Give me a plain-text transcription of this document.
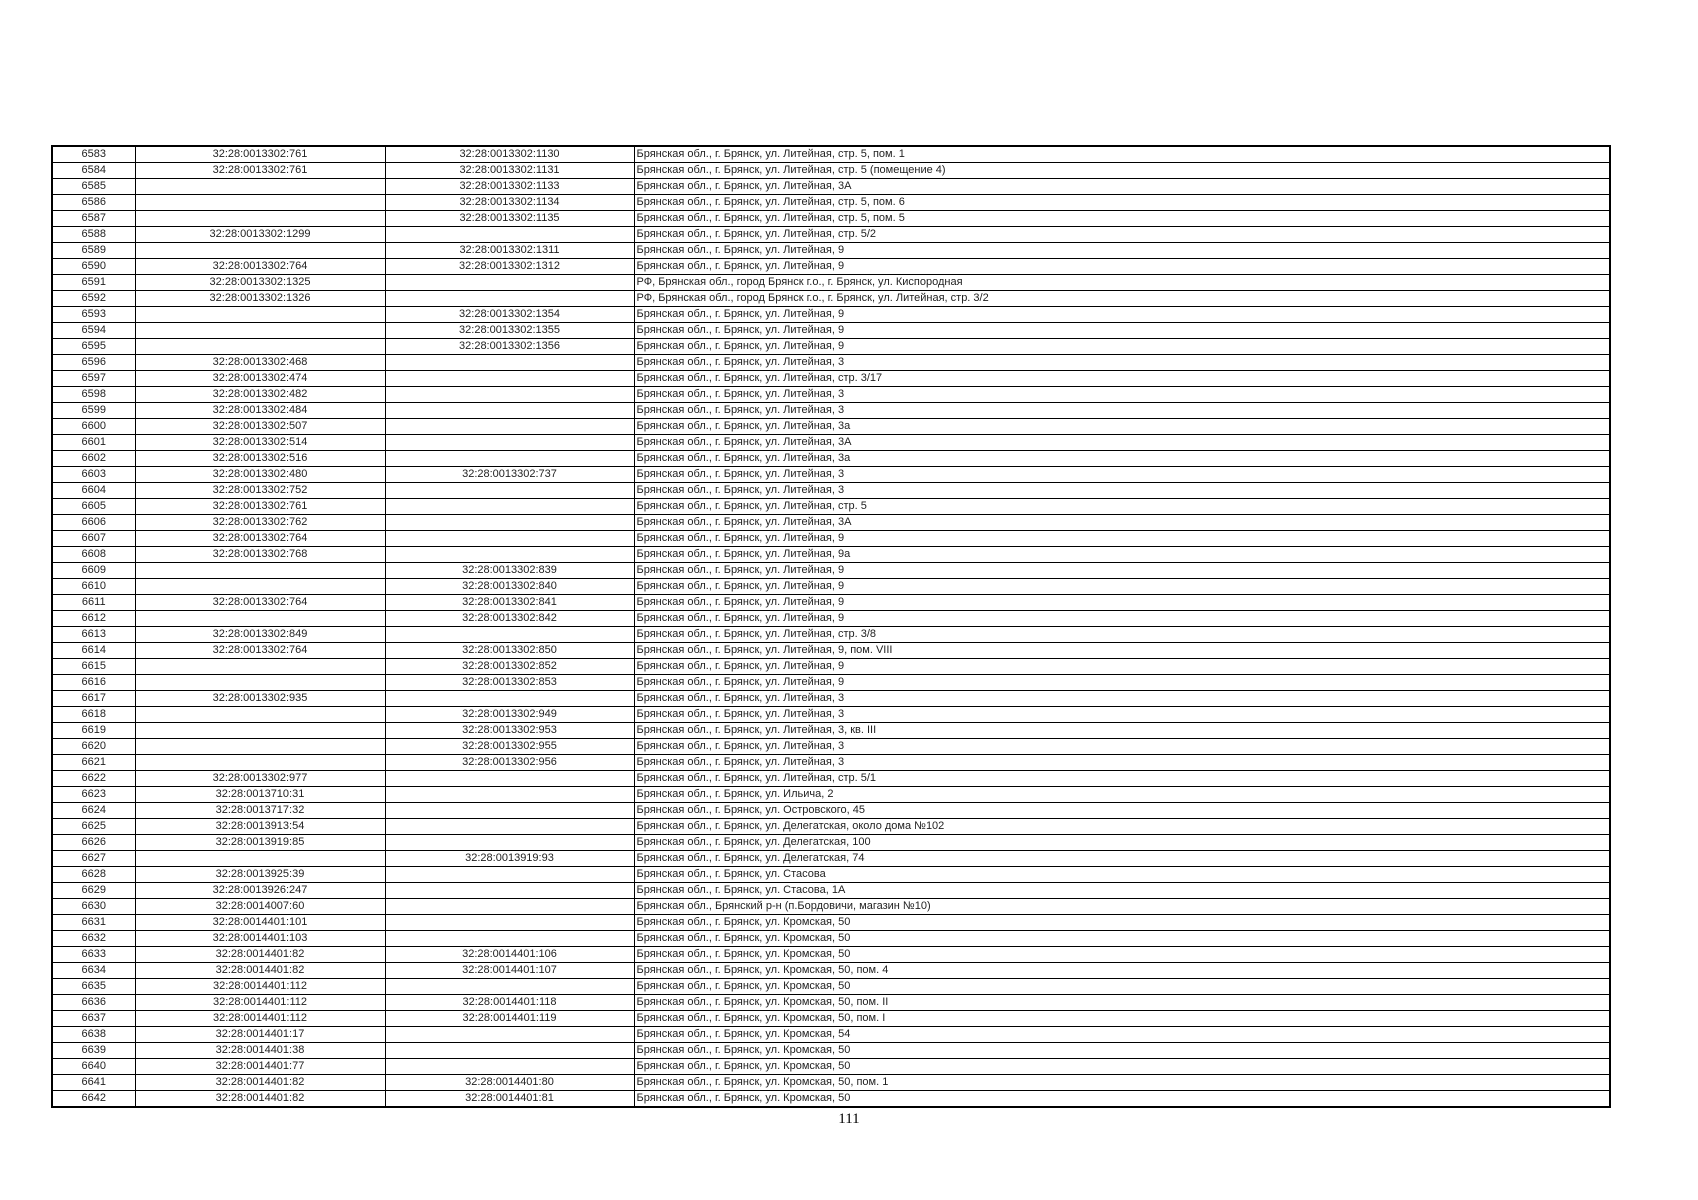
6583	32:28:0013302:761	32:28:0013302:1130	Брянская обл., г. Брянск, ул. Литейная, стр. 5, пом. 1
6584	32:28:0013302:761	32:28:0013302:1131	Брянская обл., г. Брянск, ул. Литейная, стр. 5 (помещение 4)
6585		32:28:0013302:1133	Брянская обл., г. Брянск, ул. Литейная, 3А
6586		32:28:0013302:1134	Брянская обл., г. Брянск, ул. Литейная, стр. 5, пом. 6
6587		32:28:0013302:1135	Брянская обл., г. Брянск, ул. Литейная, стр. 5, пом. 5
6588	32:28:0013302:1299		Брянская обл., г. Брянск, ул. Литейная, стр. 5/2
6589		32:28:0013302:1311	Брянская обл., г. Брянск, ул. Литейная, 9
6590	32:28:0013302:764	32:28:0013302:1312	Брянская обл., г. Брянск, ул. Литейная, 9
6591	32:28:0013302:1325		РФ, Брянская обл., город Брянск г.о., г. Брянск, ул. Киспородная
6592	32:28:0013302:1326		РФ, Брянская обл., город Брянск г.о., г. Брянск, ул. Литейная, стр. 3/2
6593		32:28:0013302:1354	Брянская обл., г. Брянск, ул. Литейная, 9
6594		32:28:0013302:1355	Брянская обл., г. Брянск, ул. Литейная, 9
6595		32:28:0013302:1356	Брянская обл., г. Брянск, ул. Литейная, 9
6596	32:28:0013302:468		Брянская обл., г. Брянск, ул. Литейная, 3
6597	32:28:0013302:474		Брянская обл., г. Брянск, ул. Литейная, стр. 3/17
6598	32:28:0013302:482		Брянская обл., г. Брянск, ул. Литейная, 3
6599	32:28:0013302:484		Брянская обл., г. Брянск, ул. Литейная, 3
6600	32:28:0013302:507		Брянская обл., г. Брянск, ул. Литейная, 3а
6601	32:28:0013302:514		Брянская обл., г. Брянск, ул. Литейная, 3А
6602	32:28:0013302:516		Брянская обл., г. Брянск, ул. Литейная, 3а
6603	32:28:0013302:480	32:28:0013302:737	Брянская обл., г. Брянск, ул. Литейная, 3
6604	32:28:0013302:752		Брянская обл., г. Брянск, ул. Литейная, 3
6605	32:28:0013302:761		Брянская обл., г. Брянск, ул. Литейная, стр. 5
6606	32:28:0013302:762		Брянская обл., г. Брянск, ул. Литейная, 3А
6607	32:28:0013302:764		Брянская обл., г. Брянск, ул. Литейная, 9
6608	32:28:0013302:768		Брянская обл., г. Брянск, ул. Литейная, 9а
6609		32:28:0013302:839	Брянская обл., г. Брянск, ул. Литейная, 9
6610		32:28:0013302:840	Брянская обл., г. Брянск, ул. Литейная, 9
6611	32:28:0013302:764	32:28:0013302:841	Брянская обл., г. Брянск, ул. Литейная, 9
6612		32:28:0013302:842	Брянская обл., г. Брянск, ул. Литейная, 9
6613	32:28:0013302:849		Брянская обл., г. Брянск, ул. Литейная, стр. 3/8
6614	32:28:0013302:764	32:28:0013302:850	Брянская обл., г. Брянск, ул. Литейная, 9, пом. VIII
6615		32:28:0013302:852	Брянская обл., г. Брянск, ул. Литейная, 9
6616		32:28:0013302:853	Брянская обл., г. Брянск, ул. Литейная, 9
6617	32:28:0013302:935		Брянская обл., г. Брянск, ул. Литейная, 3
6618		32:28:0013302:949	Брянская обл., г. Брянск, ул. Литейная, 3
6619		32:28:0013302:953	Брянская обл., г. Брянск, ул. Литейная, 3, кв. III
6620		32:28:0013302:955	Брянская обл., г. Брянск, ул. Литейная, 3
6621		32:28:0013302:956	Брянская обл., г. Брянск, ул. Литейная, 3
6622	32:28:0013302:977		Брянская обл., г. Брянск, ул. Литейная, стр. 5/1
6623	32:28:0013710:31		Брянская обл., г. Брянск, ул. Ильича, 2
6624	32:28:0013717:32		Брянская обл., г. Брянск, ул. Островского, 45
6625	32:28:0013913:54		Брянская обл., г. Брянск, ул. Делегатская, около дома №102
6626	32:28:0013919:85		Брянская обл., г. Брянск, ул. Делегатская, 100
6627		32:28:0013919:93	Брянская обл., г. Брянск, ул. Делегатская, 74
6628	32:28:0013925:39		Брянская обл., г. Брянск, ул. Стасова
6629	32:28:0013926:247		Брянская обл., г. Брянск, ул. Стасова, 1А
6630	32:28:0014007:60		Брянская обл., Брянский р-н (п.Бордовичи, магазин №10)
6631	32:28:0014401:101		Брянская обл., г. Брянск, ул. Кромская, 50
6632	32:28:0014401:103		Брянская обл., г. Брянск, ул. Кромская, 50
6633	32:28:0014401:82	32:28:0014401:106	Брянская обл., г. Брянск, ул. Кромская, 50
6634	32:28:0014401:82	32:28:0014401:107	Брянская обл., г. Брянск, ул. Кромская, 50, пом. 4
6635	32:28:0014401:112		Брянская обл., г. Брянск, ул. Кромская, 50
6636	32:28:0014401:112	32:28:0014401:118	Брянская обл., г. Брянск, ул. Кромская, 50, пом. II
6637	32:28:0014401:112	32:28:0014401:119	Брянская обл., г. Брянск, ул. Кромская, 50, пом. I
6638	32:28:0014401:17		Брянская обл., г. Брянск, ул. Кромская, 54
6639	32:28:0014401:38		Брянская обл., г. Брянск, ул. Кромская, 50
6640	32:28:0014401:77		Брянская обл., г. Брянск, ул. Кромская, 50
6641	32:28:0014401:82	32:28:0014401:80	Брянская обл., г. Брянск, ул. Кромская, 50, пом. 1
6642	32:28:0014401:82	32:28:0014401:81	Брянская обл., г. Брянск, ул. Кромская, 50
111
